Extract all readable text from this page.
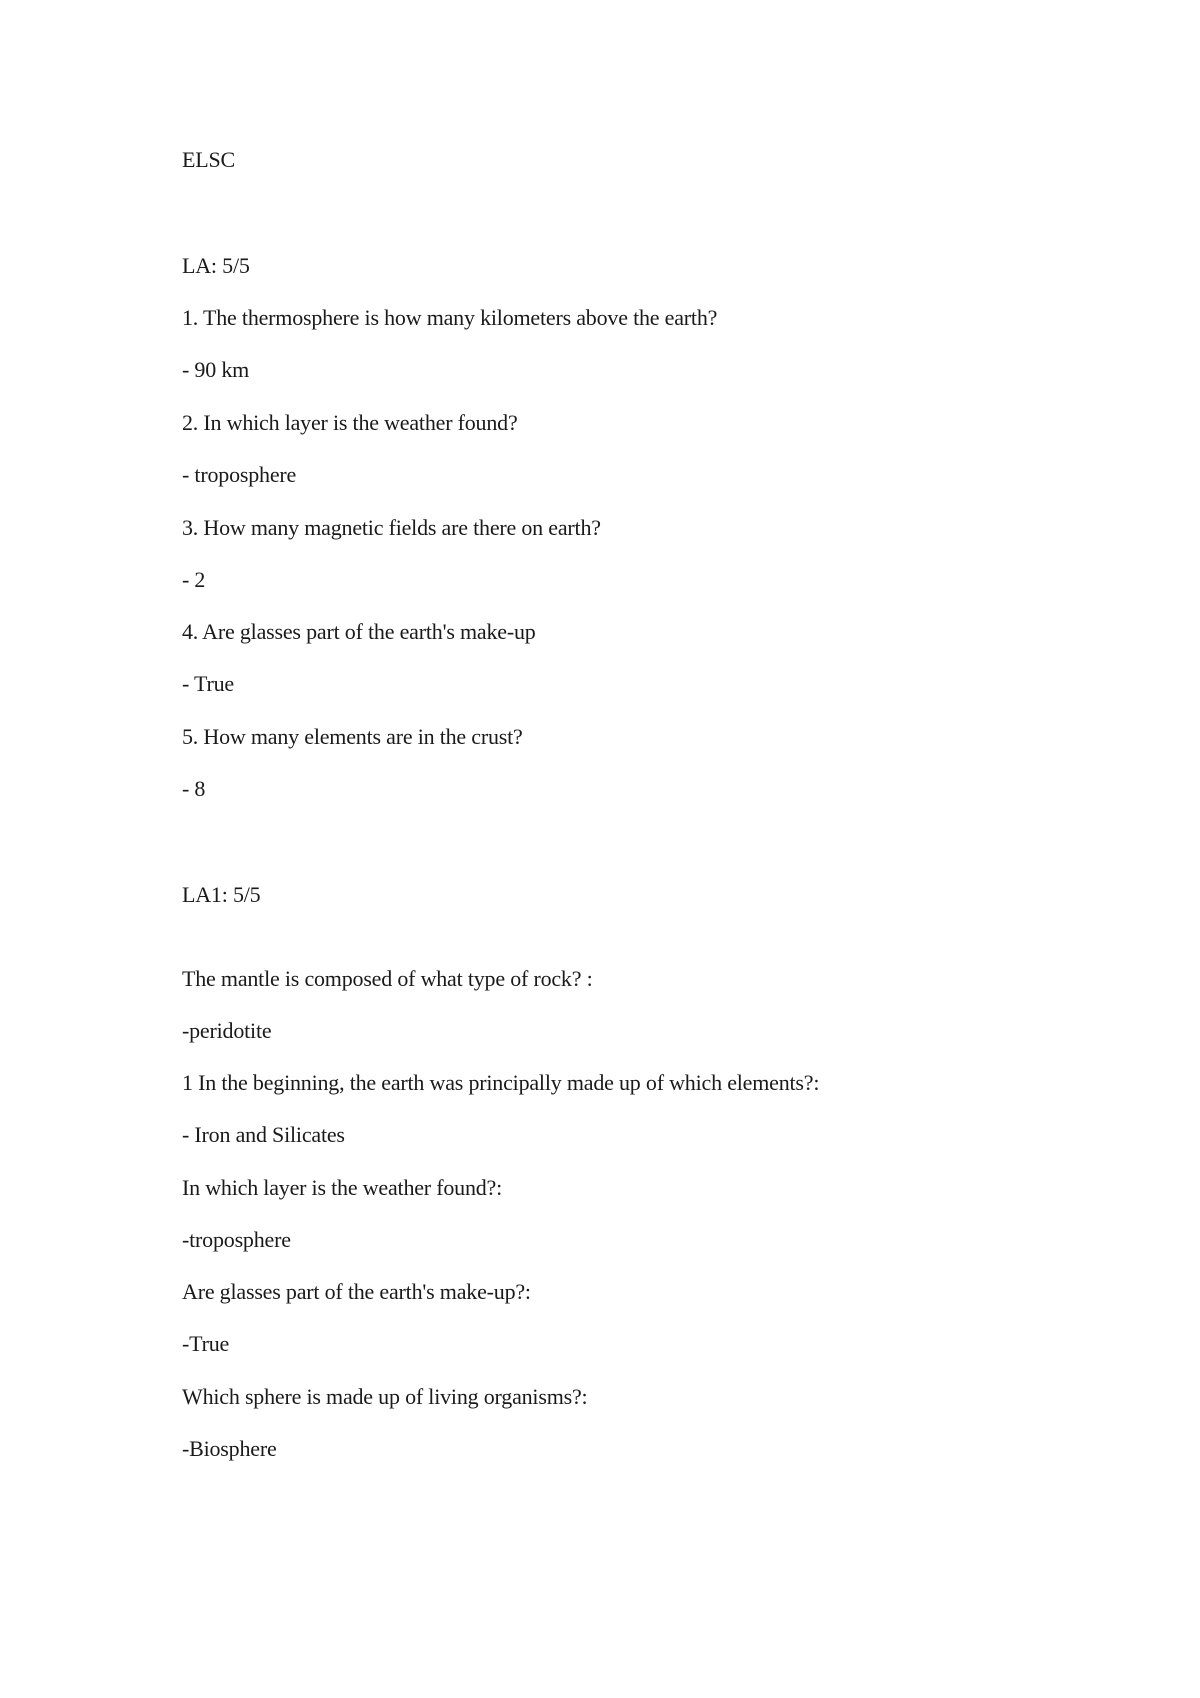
ELSC
LA: 5/5
1. The thermosphere is how many kilometers above the earth?
- 90 km
2. In which layer is the weather found?
- troposphere
3. How many magnetic fields are there on earth?
- 2
4. Are glasses part of the earth's make-up
- True
5. How many elements are in the crust?
- 8
LA1: 5/5
The mantle is composed of what type of rock? :
-peridotite
1 In the beginning, the earth was principally made up of which elements?:
- Iron and Silicates
In which layer is the weather found?:
-troposphere
Are glasses part of the earth's make-up?:
-True
Which sphere is made up of living organisms?:
-Biosphere
